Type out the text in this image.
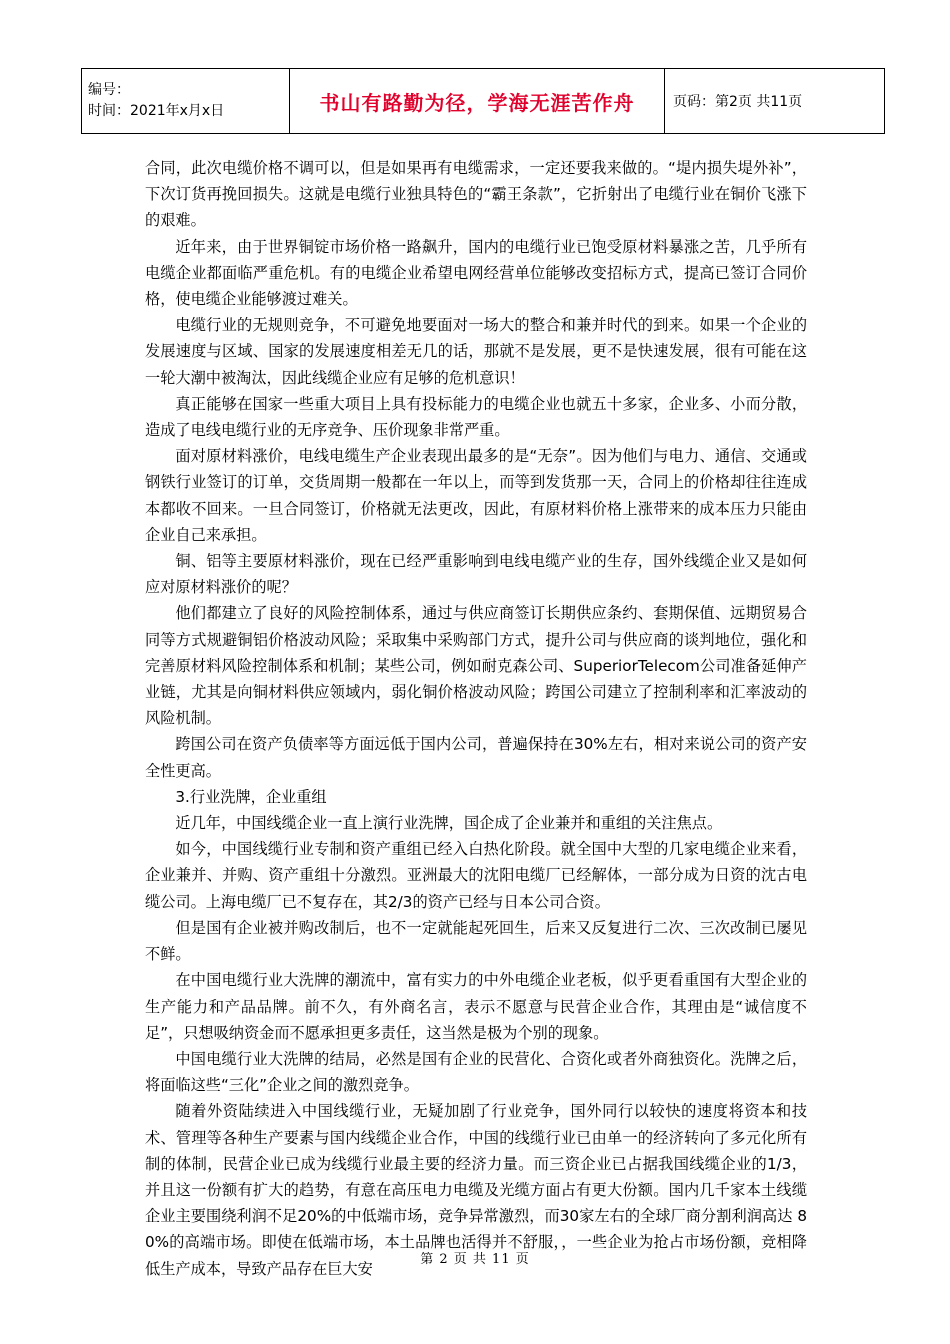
编号：
时间：2021年x月x日	书山有路勤为径，学海无涯苦作舟	页码：第2页 共11页

合同，此次电缆价格不调可以，但是如果再有电缆需求，一定还要我来做的。“堤内损失堤外补”，下次订货再挽回损失。这就是电缆行业独具特色的“霸王条款”，它折射出了电缆行业在铜价飞涨下的艰难。

近年来，由于世界铜锭市场价格一路飙升，国内的电缆行业已饱受原材料暴涨之苦，几乎所有电缆企业都面临严重危机。有的电缆企业希望电网经营单位能够改变招标方式，提高已签订合同价格，使电缆企业能够渡过难关。

电缆行业的无规则竞争，不可避免地要面对一场大的整合和兼并时代的到来。如果一个企业的发展速度与区域、国家的发展速度相差无几的话，那就不是发展，更不是快速发展，很有可能在这一轮大潮中被淘汰，因此线缆企业应有足够的危机意识！

真正能够在国家一些重大项目上具有投标能力的电缆企业也就五十多家，企业多、小而分散，造成了电线电缆行业的无序竞争、压价现象非常严重。

面对原材料涨价，电线电缆生产企业表现出最多的是“无奈”。因为他们与电力、通信、交通或钢铁行业签订的订单，交货周期一般都在一年以上，而等到发货那一天，合同上的价格却往往连成本都收不回来。一旦合同签订，价格就无法更改，因此，有原材料价格上涨带来的成本压力只能由企业自己来承担。

铜、铝等主要原材料涨价，现在已经严重影响到电线电缆产业的生存，国外线缆企业又是如何应对原材料涨价的呢？

他们都建立了良好的风险控制体系，通过与供应商签订长期供应条约、套期保值、远期贸易合同等方式规避铜铝价格波动风险；采取集中采购部门方式，提升公司与供应商的谈判地位，强化和完善原材料风险控制体系和机制；某些公司，例如耐克森公司、SuperiorTelecom公司准备延伸产业链，尤其是向铜材料供应领域内，弱化铜价格波动风险；跨国公司建立了控制利率和汇率波动的风险机制。

跨国公司在资产负债率等方面远低于国内公司，普遍保持在30%左右，相对来说公司的资产安全性更高。

3.行业洗牌，企业重组

近几年，中国线缆企业一直上演行业洗牌，国企成了企业兼并和重组的关注焦点。

如今，中国线缆行业专制和资产重组已经入白热化阶段。就全国中大型的几家电缆企业来看，企业兼并、并购、资产重组十分激烈。亚洲最大的沈阳电缆厂已经解体，一部分成为日资的沈古电缆公司。上海电缆厂已不复存在，其2/3的资产已经与日本公司合资。

但是国有企业被并购改制后，也不一定就能起死回生，后来又反复进行二次、三次改制已屡见不鲜。

在中国电缆行业大洗牌的潮流中，富有实力的中外电缆企业老板，似乎更看重国有大型企业的生产能力和产品品牌。前不久，有外商名言，表示不愿意与民营企业合作，其理由是“诚信度不足”，只想吸纳资金而不愿承担更多责任，这当然是极为个别的现象。

中国电缆行业大洗牌的结局，必然是国有企业的民营化、合资化或者外商独资化。洗牌之后，将面临这些“三化”企业之间的激烈竞争。

随着外资陆续进入中国线缆行业，无疑加剧了行业竞争，国外同行以较快的速度将资本和技术、管理等各种生产要素与国内线缆企业合作，中国的线缆行业已由单一的经济转向了多元化所有制的体制，民营企业已成为线缆行业最主要的经济力量。而三资企业已占据我国线缆企业的1/3，并且这一份额有扩大的趋势，有意在高压电力电缆及光缆方面占有更大份额。国内几千家本土线缆企业主要围绕利润不足20%的中低端市场，竞争异常激烈，而30家左右的全球厂商分割利润高达 80%的高端市场。即使在低端市场，本土品牌也活得并不舒服，，一些企业为抢占市场份额，竞相降低生产成本，导致产品存在巨大安

第 2 页 共 11 页
